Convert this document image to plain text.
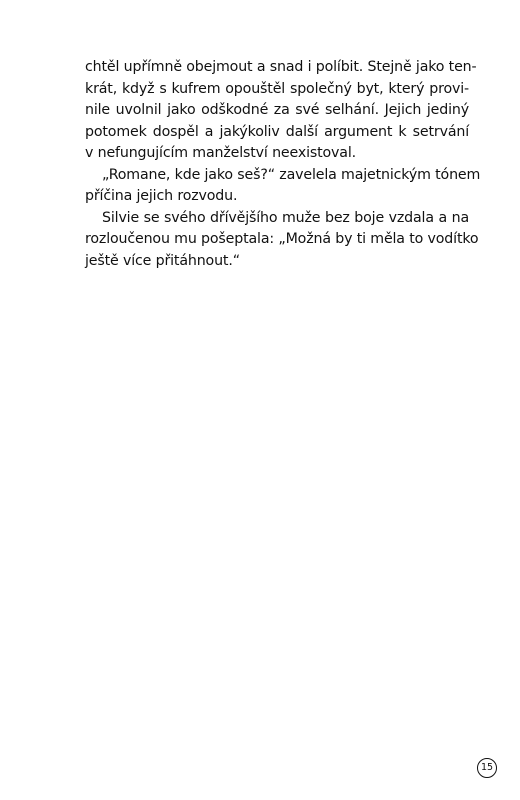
chtěl upřímně obejmout a snad i políbit. Stejně jako ten-
krát, když s kufrem opouštěl společný byt, který provi-
nile uvolnil jako odškodné za své selhání. Jejich jediný
potomek dospěl a jakýkoliv další argument k setrvání
v nefungujícím manželství neexistoval.
„Romane, kde jako seš?“ zavelela majetnickým tónem
příčina jejich rozvodu.
Silvie se svého dřívějšího muže bez boje vzdala a na
rozloučenou mu pošeptala: „Možná by ti měla to vodítko
ještě více přitáhnout.“
15
